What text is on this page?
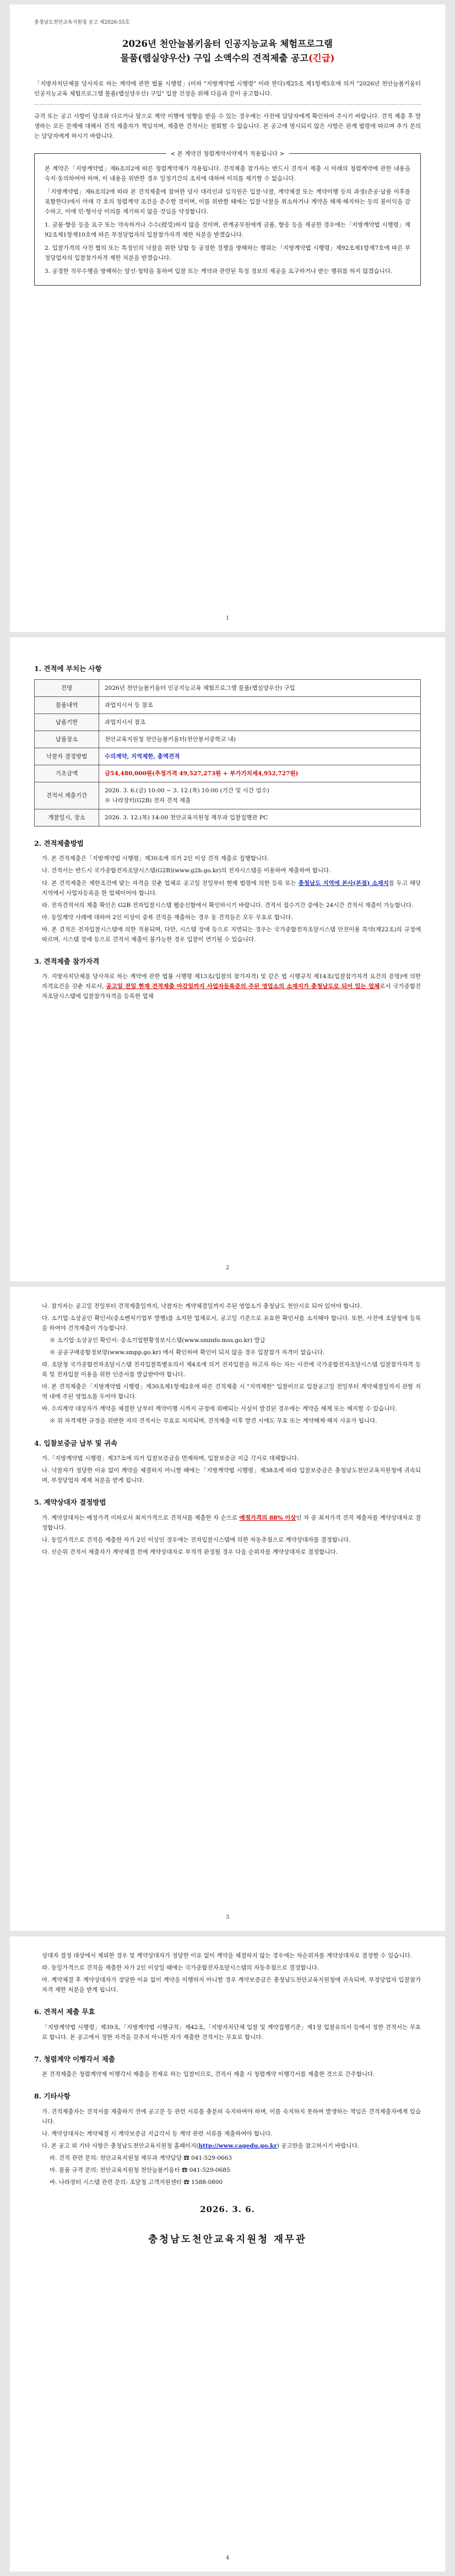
충청남도천안교육지원청 공고 제2026-55호
2026년 천안늘봄키움터 인공지능교육 체험프로그램
물품(랩실양우산) 구입 소액수의 견적제출 공고(긴급)

「지방자치단체를 당사자로 하는 계약에 관한 법률 시행령」(이하 "지방계약법 시행령" 이라 한다)제25조 제1항제5호에 의거 "2026년 천안늘봄키움터 인공지능교육 체험프로그램 물품(랩실양우산) 구입" 입찰 건정을 위해 다음과 같이 공고합니다.

규격 또는 공고 사항이 당초와 다르거나 앞으로 계약 이행에 영향을 받을 수 있는 경우에는 사전에 담당자에게 확인하여 주시기 바랍니다. 견적 제출 후 발생하는 모든 문제에 대해서 견적 제출자가 책임지며, 제출한 견적서는 철회할 수 없습니다. 본 공고에 명시되지 않은 사항은 관계 법령에 따르며 추가 문의는 담당자에게 하시기 바랍니다.

< 본 계약건 청렴계약서약제가 적용됩니다 >

본 계약은「지방계약법」제6조의2에 따른 청렴계약제가 적용됩니다. 견적제출 참가자는 반드시 견적서 제출 시 아래의 청렴계약에 관한 내용을 숙지·동의하여야 하며, 이 내용을 위반한 경우 일정기간의 조치에 대하여 이의를 제기할 수 없습니다.

「지방계약법」제6조의2에 따라 본 견적제출에 참여한 당사 대리인과 임직원은 입찰·낙찰, 계약체결 또는 계약이행 등의 과정(준공·납품 이후를 포함한다)에서 아래 각 호의 청렴계약 조건을 준수할 것이며, 이를 위반할 때에는 입찰·낙찰을 취소하거나 계약을 해제·해지하는 등의 불이익을 감수하고, 이에 민·형사상 이의를 제기하지 않을 것임을 약정합니다.

1. 금품·향응 등을 요구 또는 약속하거나 수수(授受)하지 않을 것이며, 관계공무원에게 금품, 향응 등을 제공한 경우에는「지방계약법 시행령」제92조제1항제10호에 따른 부정당업자의 입찰참가자격 제한 처분을 받겠습니다.

2. 입찰가격의 사전 협의 또는 특정인의 낙찰을 위한 담합 등 공정한 경쟁을 방해하는 행위는「지방계약법 시행령」제92조제1항제7호에 따른 부정당업자의 입찰참가자격 제한 처분을 받겠습니다.

3. 공정한 직무수행을 방해하는 알선·청탁을 통하여 입찰 또는 계약과 관련된 특정 정보의 제공을 요구하거나 받는 행위를 하지 않겠습니다.

1
1. 견적에 부치는 사항
건명	2026년 천안늘봄키움터 인공지능교육 체험프로그램 물품(랩실양우산) 구입
물품내역	과업지시서 등 참조
납품기한	과업지시서 참조
납품장소	천안교육지원청 천안늘봄키움터(천안봉서중학교 내)
낙찰자 결정방법	수의계약, 지역제한, 총액견적
기초금액	금54,480,000원(추정가격 49,527,273원 + 부가가치세4,952,727원)
견적서 제출기간	2026. 3. 6.(금) 10:00 ~ 3. 12.(목) 10:00 (기간 및 시간 엄수)
※ 나라장터(G2B) 전자 견적 제출

개찰일시, 장소	2026. 3. 12.(목) 14:00 천안교육지원청 재무과 입찰집행관 PC
2. 견적제출방법

가. 본 견적제출은「지방계약법 시행령」제30조에 의거 2인 이상 견적 제출로 집행합니다.

나. 견적서는 반드시 국가종합전자조달시스템(G2B)(www.g2b.go.kr)의 전자시스템을 이용하여 제출하여 합니다.

다. 본 견적제출은 제한조건에 맞는 자격을 갖춘 업체로 공고일 전일부터 현재 법령에 의한 등록 또는 충청남도 지역에 본사(본점) 소재지를 두고 해당 지역에서 사업자등록을 한 업체이어야 합니다.

라. 전자견적서의 제출 확인은 G2B 전자입찰시스템 웹송신함에서 확인하시기 바랍니다. 견적서 접수기간 중에는 24시간 견적서 제출이 가능합니다.

마. 동일계약 사례에 대하여 2인 이상이 중복 견적을 제출하는 경우 동 견적들은 모두 무효로 합니다.

바. 본 견적은 전자입찰시스템에 의한 적용되며, 다만, 시스템 장애 등으로 지연되는 경우는 국가종합전자조달시스템 안전이용 특약(제22조)의 규정에 따르며, 시스템 장애 등으로 견적서 제출이 불가능한 경우 입찰이 연기될 수 있습니다.

3. 견적제출 참가자격

가. 지방자치단체를 당사자로 하는 계약에 관한 법률 시행령 제13조(입찰의 참가자격) 및 같은 법 시행규칙 제14조(입찰참가자격 요건의 증명)에 의한 자격요건을 갖춘 자로서, 공고일 전일 현재 견적제출 마감일까지 사업자등록증의 주된 영업소의 소재지가 충청남도로 되어 있는 업체로서 국가종합전자조달시스템에 입찰참가자격을 등록한 업체

2

나. 참가자는 공고일 전일부터 견적제출일까지, 낙찰자는 계약체결일까지 주된 영업소가 충청남도 천안시로 되어 있어야 합니다.

다. 소기업·소상공인 확인서(중소벤처기업부 발행)를 소지한 업체로서, 공고일 기준으로 유효한 확인서를 소지해야 합니다. 또한, 사전에 조달청에 등록을 하여야 견적제출이 가능합니다.

※ 소기업·소상공인 확인서: 중소기업현황정보시스템(www.sminfo.mss.go.kr) 발급

※ 공공구매종합정보망(www.smpp.go.kr) 에서 확인하여 확인이 되지 않을 경우 입찰참가 자격이 없습니다.

라. 조달청 국가종합전자조달시스템 전자입찰특별유의서 제4조에 의거 전자입찰을 하고자 하는 자는 사전에 국가종합전자조달시스템 입찰참가자격 등록 및 전자입찰 이용을 위한 인증서를 발급받아야 합니다.

마. 본 견적제출은「지방계약법 시행령」제30조제1항제2호에 따른 견적제출 시 "지역제한" 입찰이므로 입찰공고일 전일부터 계약체결일까지 관할 지역 내에 주된 영업소를 두어야 합니다.

바. 수의계약 대상자가 계약을 체결한 날부터 계약이행 시까지 규정에 위배되는 사실이 발견된 경우에는 계약을 해제 또는 해지할 수 있습니다.

※ 위 자격제한 규정을 위반한 자의 견적서는 무효로 처리되며, 견적제출 이후 발견 시에도 무효 또는 계약해제·해지 사유가 됩니다.

4. 입찰보증금 납부 및 귀속

가.「지방계약법 시행령」제37조에 의거 입찰보증금을 면제하며, 입찰보증금 지급 각서로 대체합니다.

나. 낙찰자가 정당한 이유 없이 계약을 체결하지 아니할 때에는「지방계약법 시행령」제38조에 따라 입찰보증금은 충청남도천안교육지원청에 귀속되며, 부정당업자 제재 처분을 받게 됩니다.

5. 계약상대자 결정방법

가. 계약상대자는 예정가격 이하로서 최저가격으로 견적서를 제출한 자 순으로 예정가격의 88% 이상인 자 중 최저가격 견적 제출자를 계약상대자로 결정합니다.

나. 동일가격으로 견적을 제출한 자가 2인 이상인 경우에는 전자입찰시스템에 의한 자동추첨으로 계약상대자를 결정합니다.

다. 선순위 견적서 제출자가 계약체결 전에 계약상대자로 부적격 판정될 경우 다음 순위자를 계약상대자로 결정합니다.

3

상대자 결정 대상에서 제외한 경우 및 계약상대자가 정당한 이유 없이 계약을 체결하지 않는 경우에는 차순위자를 계약상대자로 결정할 수 있습니다.

라. 동일가격으로 견적을 제출한 자가 2인 이상일 때에는 국가종합전자조달시스템의 자동추첨으로 결정합니다.

마. 계약체결 후 계약상대자가 정당한 이유 없이 계약을 이행하지 아니할 경우 계약보증금은 충청남도천안교육지원청에 귀속되며, 부정당업자 입찰참가자격 제한 처분을 받게 됩니다.

6. 견적서 제출 무효

「지방계약법 시행령」제39조,「지방계약법 시행규칙」제42조,「지방자치단체 입찰 및 계약집행기준」제1장 입찰유의서 등에서 정한 견적서는 무효로 합니다. 본 공고에서 정한 자격을 갖추지 아니한 자가 제출한 견적서는 무효로 합니다.

7. 청렴계약 이행각서 제출

본 견적제출은 청렴계약제 이행각서 제출을 전제로 하는 입찰이므로, 견적서 제출 시 청렴계약 이행각서를 제출한 것으로 간주합니다.

8. 기타사항

가. 견적제출자는 견적서를 제출하기 전에 공고문 등 관련 서류를 충분히 숙지하여야 하며, 이를 숙지하지 못하여 발생하는 책임은 견적제출자에게 있습니다.

나. 계약상대자는 계약체결 시 계약보증금 지급각서 등 계약 관련 서류를 제출하여야 합니다.

다. 본 공고 외 기타 사항은 충청남도천안교육지원청 홈페이지(http://www.cagedu.go.kr) 공고란을 참고하시기 바랍니다.

라. 견적 관련 문의: 천안교육지원청 재무과 계약담당 ☎ 041-529-0663

마. 물품 규격 문의: 천안교육지원청 천안늘봄키움터 ☎ 041-529-0685

바. 나라장터 시스템 관련 문의: 조달청 고객지원센터 ☎ 1588-0800

2026. 3. 6.
충청남도천안교육지원청 재무관
4
